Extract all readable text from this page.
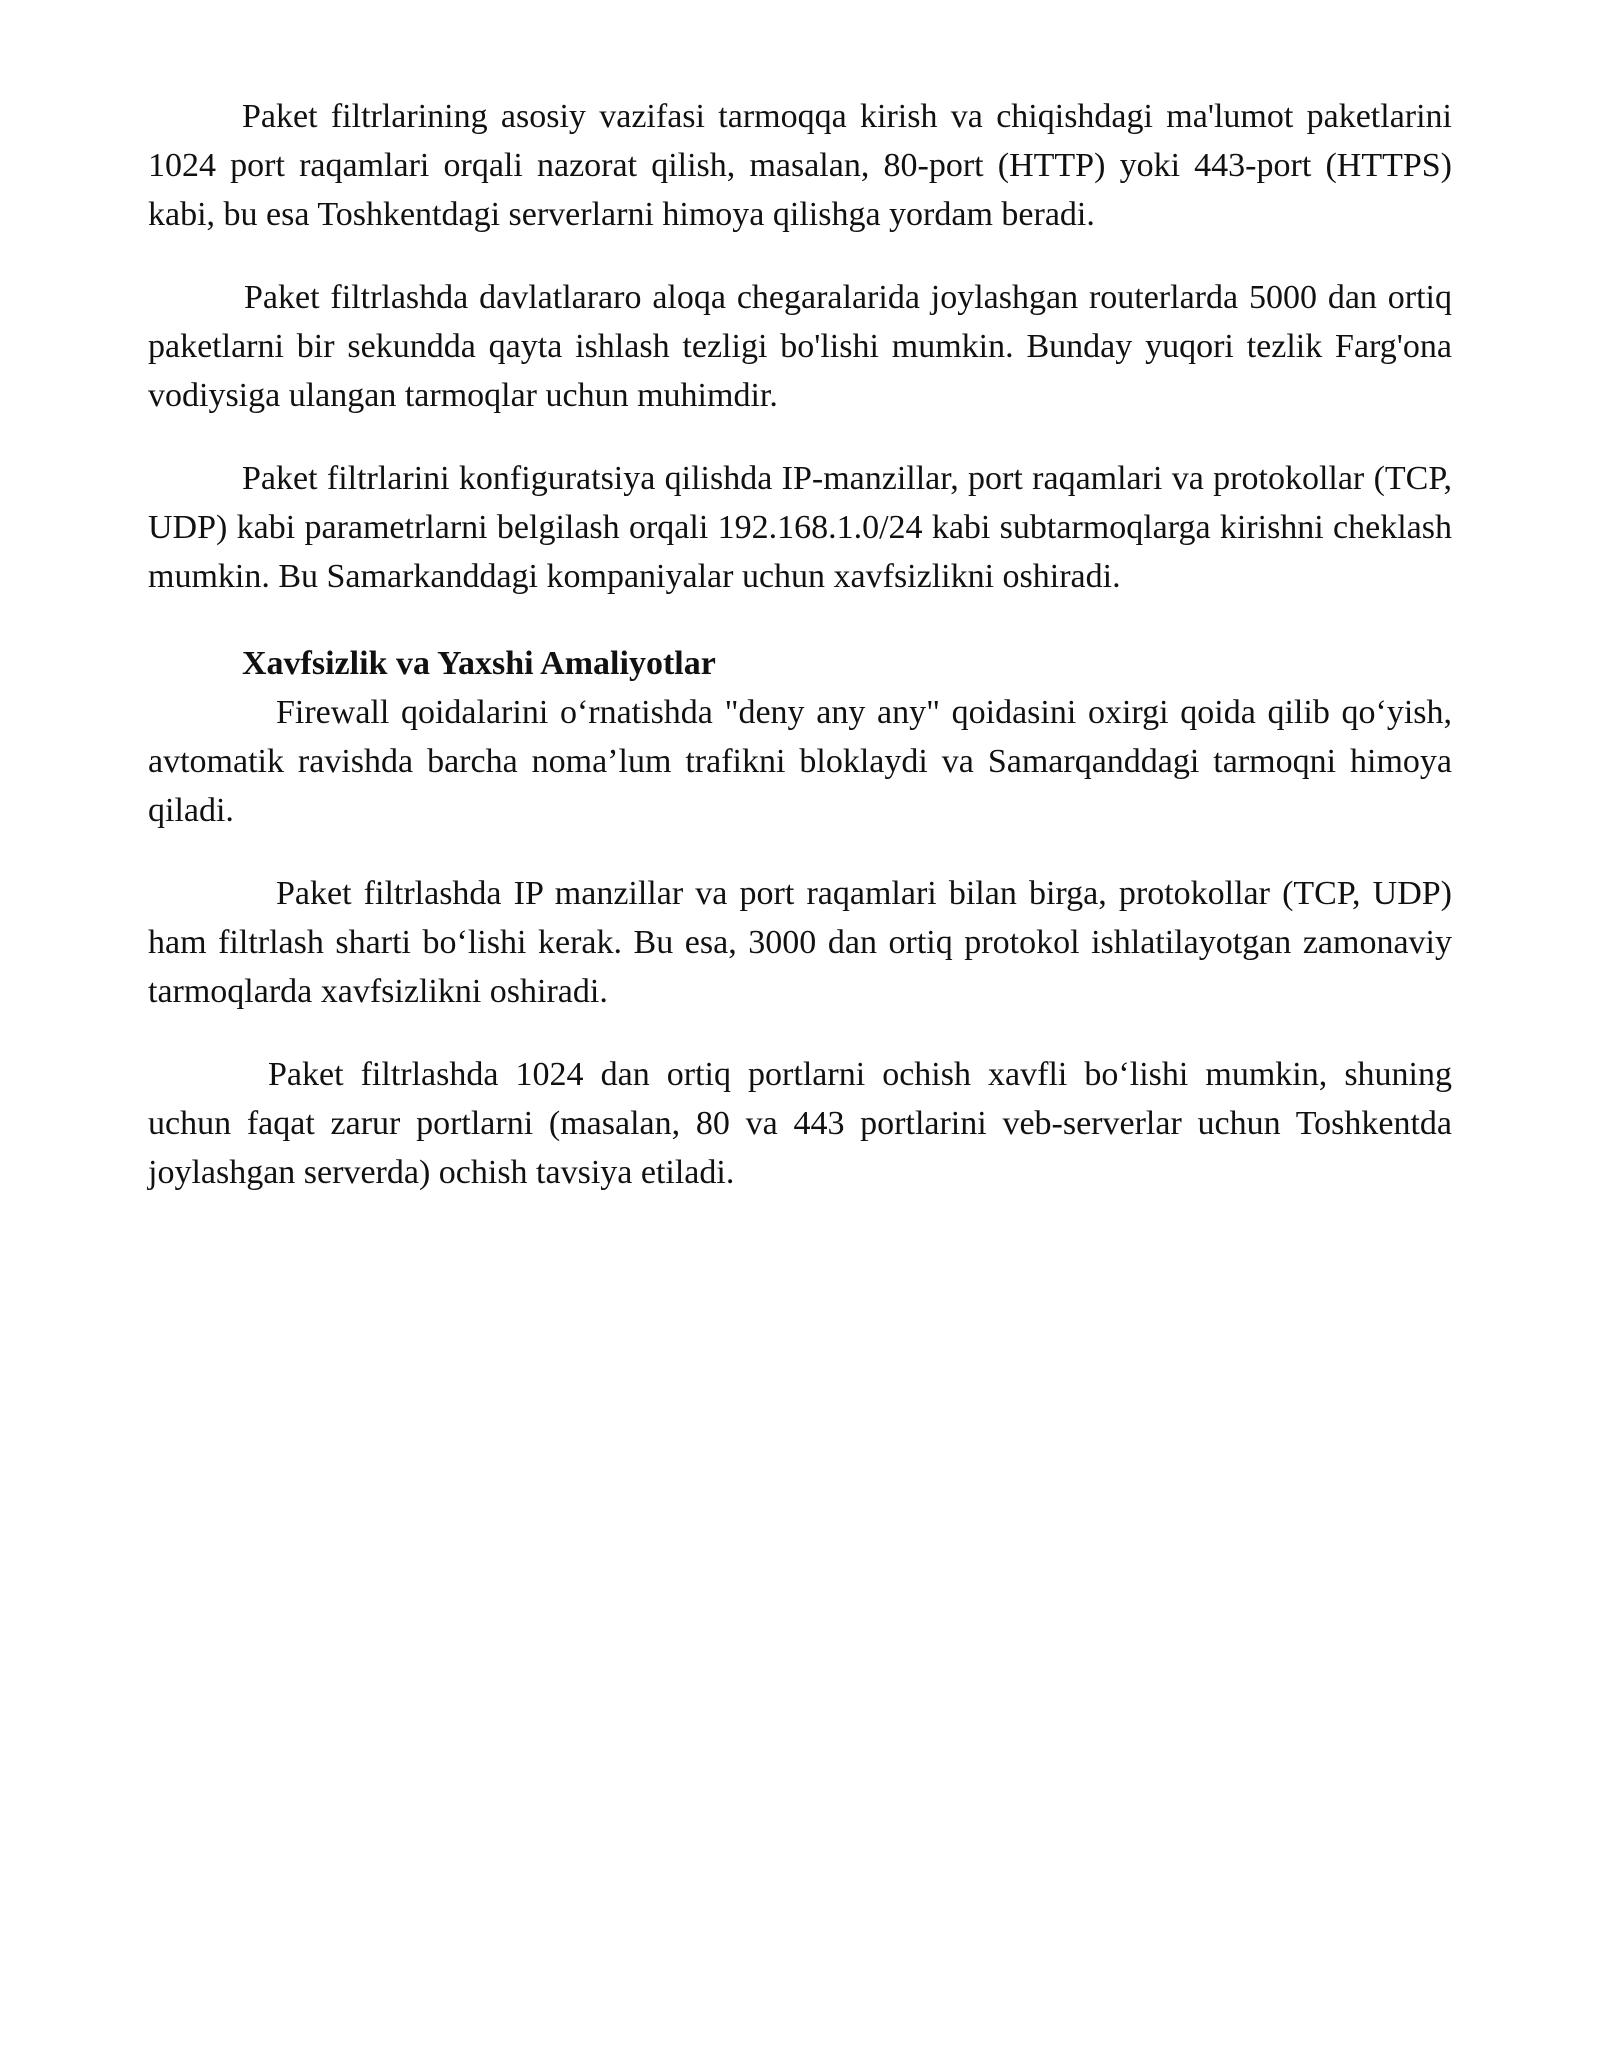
Paket filtrlarining asosiy vazifasi tarmoqqa kirish va chiqishdagi ma'lumot paketlarini 1024 port raqamlari orqali nazorat qilish, masalan, 80-port (HTTP) yoki 443-port (HTTPS) kabi, bu esa Toshkentdagi serverlarni himoya qilishga yordam beradi.

Paket filtrlashda davlatlararo aloqa chegaralarida joylashgan routerlarda 5000 dan ortiq paketlarni bir sekundda qayta ishlash tezligi bo'lishi mumkin. Bunday yuqori tezlik Farg'ona vodiysiga ulangan tarmoqlar uchun muhimdir.

Paket filtrlarini konfiguratsiya qilishda IP-manzillar, port raqamlari va protokollar (TCP, UDP) kabi parametrlarni belgilash orqali 192.168.1.0/24 kabi subtarmoqlarga kirishni cheklash mumkin. Bu Samarkanddagi kompaniyalar uchun xavfsizlikni oshiradi.

Xavfsizlik va Yaxshi Amaliyotlar

Firewall qoidalarini o‘rnatishda "deny any any" qoidasini oxirgi qoida qilib qo‘yish, avtomatik ravishda barcha noma’lum trafikni bloklaydi va Samarqanddagi tarmoqni himoya qiladi.

Paket filtrlashda IP manzillar va port raqamlari bilan birga, protokollar (TCP, UDP) ham filtrlash sharti bo‘lishi kerak. Bu esa, 3000 dan ortiq protokol ishlatilayotgan zamonaviy tarmoqlarda xavfsizlikni oshiradi.

Paket filtrlashda 1024 dan ortiq portlarni ochish xavfli bo‘lishi mumkin, shuning uchun faqat zarur portlarni (masalan, 80 va 443 portlarini veb-serverlar uchun Toshkentda joylashgan serverda) ochish tavsiya etiladi.
